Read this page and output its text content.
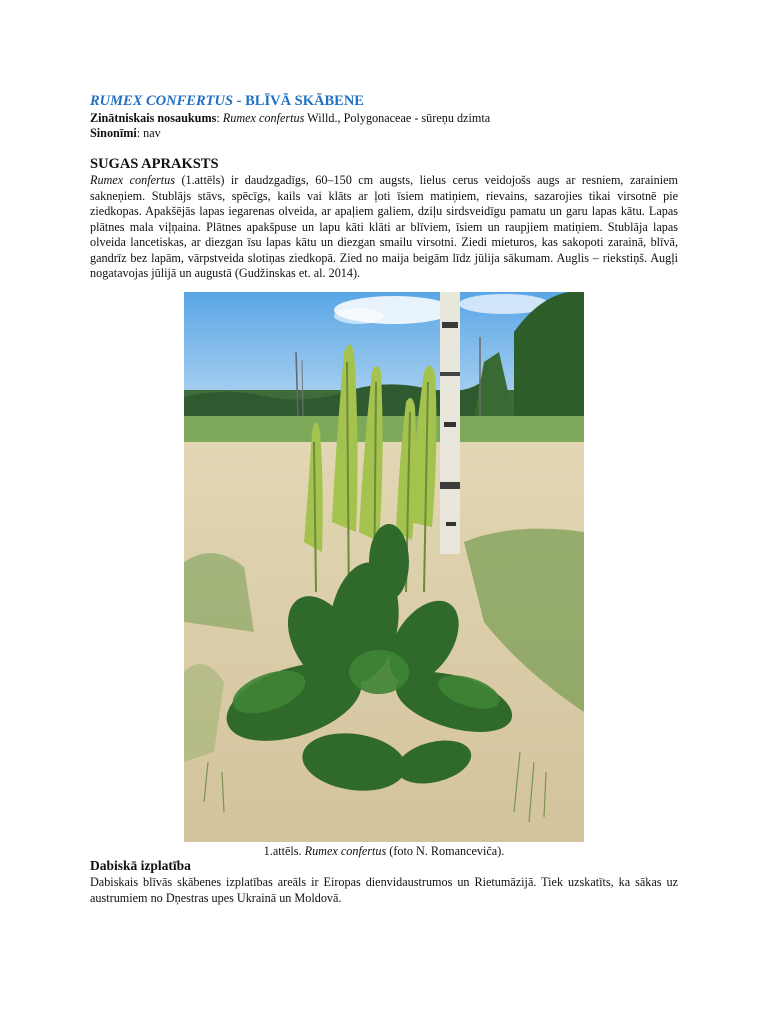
RUMEX CONFERTUS - BLĪVĀ SKĀBENE
Zinātniskais nosaukums: Rumex confertus Willd., Polygonaceae - sūreņu dzimta
Sinonīmi: nav
SUGAS APRAKSTS
Rumex confertus (1.attēls) ir daudzgadīgs, 60–150 cm augsts, lielus cerus veidojošs augs ar resniem, zarainiem sakneņiem. Stublājs stāvs, spēcīgs, kails vai klāts ar ļoti īsiem matiņiem, rievains, sazarojies tikai virsotnē pie ziedkopas. Apakšējās lapas iegarenas olveida, ar apaļiem galiem, dziļu sirdsveidīgu pamatu un garu lapas kātu. Lapas plātnes mala viļņaina. Plātnes apakšpuse un lapu kāti klāti ar blīviem, īsiem un raupjiem matiņiem. Stublāja lapas olveida lancetiskas, ar diezgan īsu lapas kātu un diezgan smailu virsotni. Ziedi mieturos, kas sakopoti zarainā, blīvā, gandrīz bez lapām, vārpstveida slotiņas ziedkopā. Zied no maija beigām līdz jūlija sākumam. Auglis – riekstiņš. Augļi nogatavojas jūlijā un augustā (Gudžinskas et. al. 2014).
1.attēls. Rumex confertus (foto N. Romanceviča).
Dabiskā izplatība
Dabiskais blīvās skābenes izplatības areāls ir Eiropas dienvidaustrumos un Rietumāzijā. Tiek uzskatīts, ka sākas uz austrumiem no Dņestras upes Ukrainā un Moldovā.
